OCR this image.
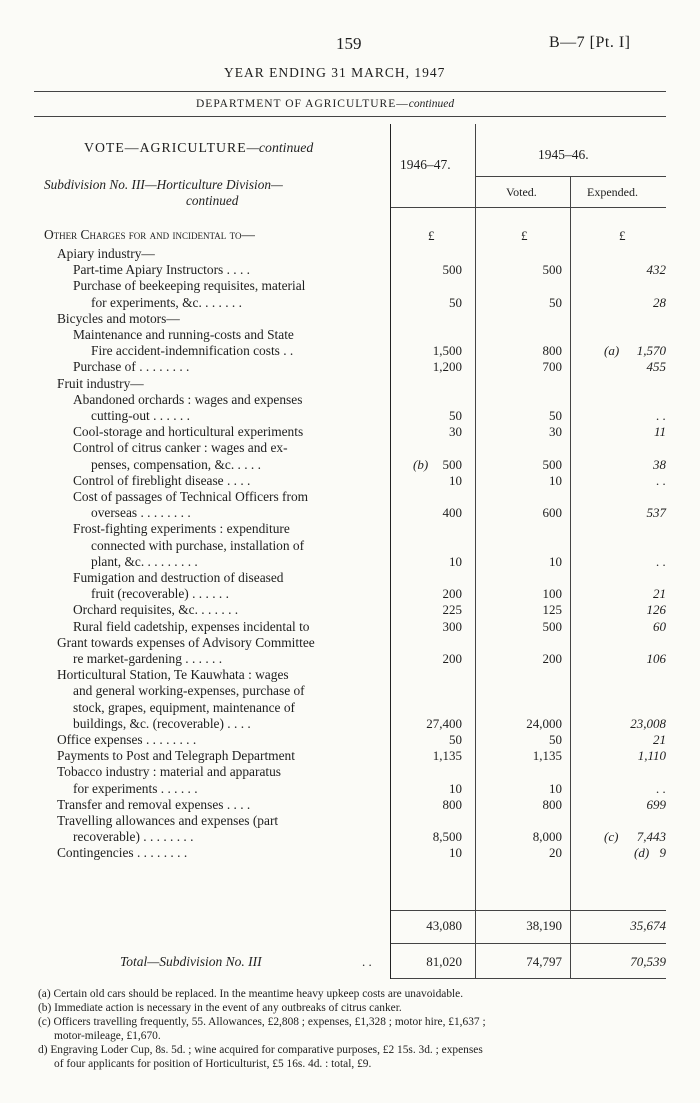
159	B—7 [Pt. I]
YEAR ENDING 31 MARCH, 1947
DEPARTMENT OF AGRICULTURE—continued
VOTE—AGRICULTURE—continued
Subdivision No. III—Horticulture Division—
continued
1946–47.
1945–46.
Voted.	Expended.
Other Charges for and incidental to—	£	£	£
Apiary industry—
Part-time Apiary Instructors . . . .	500	500	432
Purchase of beekeeping requisites, material
for experiments, &c. . . . . . .	50	50	28
Bicycles and motors—
Maintenance and running-costs and State
Fire accident-indemnification costs . .	1,500	800	(a) 1,570
Purchase of . . . . . . . .	1,200	700	455
Fruit industry—
Abandoned orchards : wages and expenses
cutting-out . . . . . .	50	50	. .
Cool-storage and horticultural experiments	30	30	11
Control of citrus canker : wages and ex-
penses, compensation, &c. . . . .	(b) 500	500	38
Control of fireblight disease . . . .	10	10	. .
Cost of passages of Technical Officers from
overseas . . . . . . . .	400	600	537
Frost-fighting experiments : expenditure
connected with purchase, installation of
plant, &c. . . . . . . . .	10	10	. .
Fumigation and destruction of diseased
fruit (recoverable) . . . . . .	200	100	21
Orchard requisites, &c. . . . . . .	225	125	126
Rural field cadetship, expenses incidental to	300	500	60
Grant towards expenses of Advisory Committee
re market-gardening . . . . . .	200	200	106
Horticultural Station, Te Kauwhata : wages
and general working-expenses, purchase of
stock, grapes, equipment, maintenance of
buildings, &c. (recoverable) . . . .	27,400	24,000	23,008
Office expenses . . . . . . . .	50	50	21
Payments to Post and Telegraph Department	1,135	1,135	1,110
Tobacco industry : material and apparatus
for experiments . . . . . .	10	10	. .
Transfer and removal expenses . . . .	800	800	699
Travelling allowances and expenses (part
recoverable) . . . . . . . .	8,500	8,000	(c) 7,443
Contingencies . . . . . . . .	10	20	(d) 9
43,080	38,190	35,674
Total—Subdivision No. III	. .	81,020	74,797	70,539
(a) Certain old cars should be replaced. In the meantime heavy upkeep costs are unavoidable.
(b) Immediate action is necessary in the event of any outbreaks of citrus canker.
(c) Officers travelling frequently, 55. Allowances, £2,808 ; expenses, £1,328 ; motor hire, £1,637 ;
motor-mileage, £1,670.
d) Engraving Loder Cup, 8s. 5d. ; wine acquired for comparative purposes, £2 15s. 3d. ; expenses
of four applicants for position of Horticulturist, £5 16s. 4d. : total, £9.
